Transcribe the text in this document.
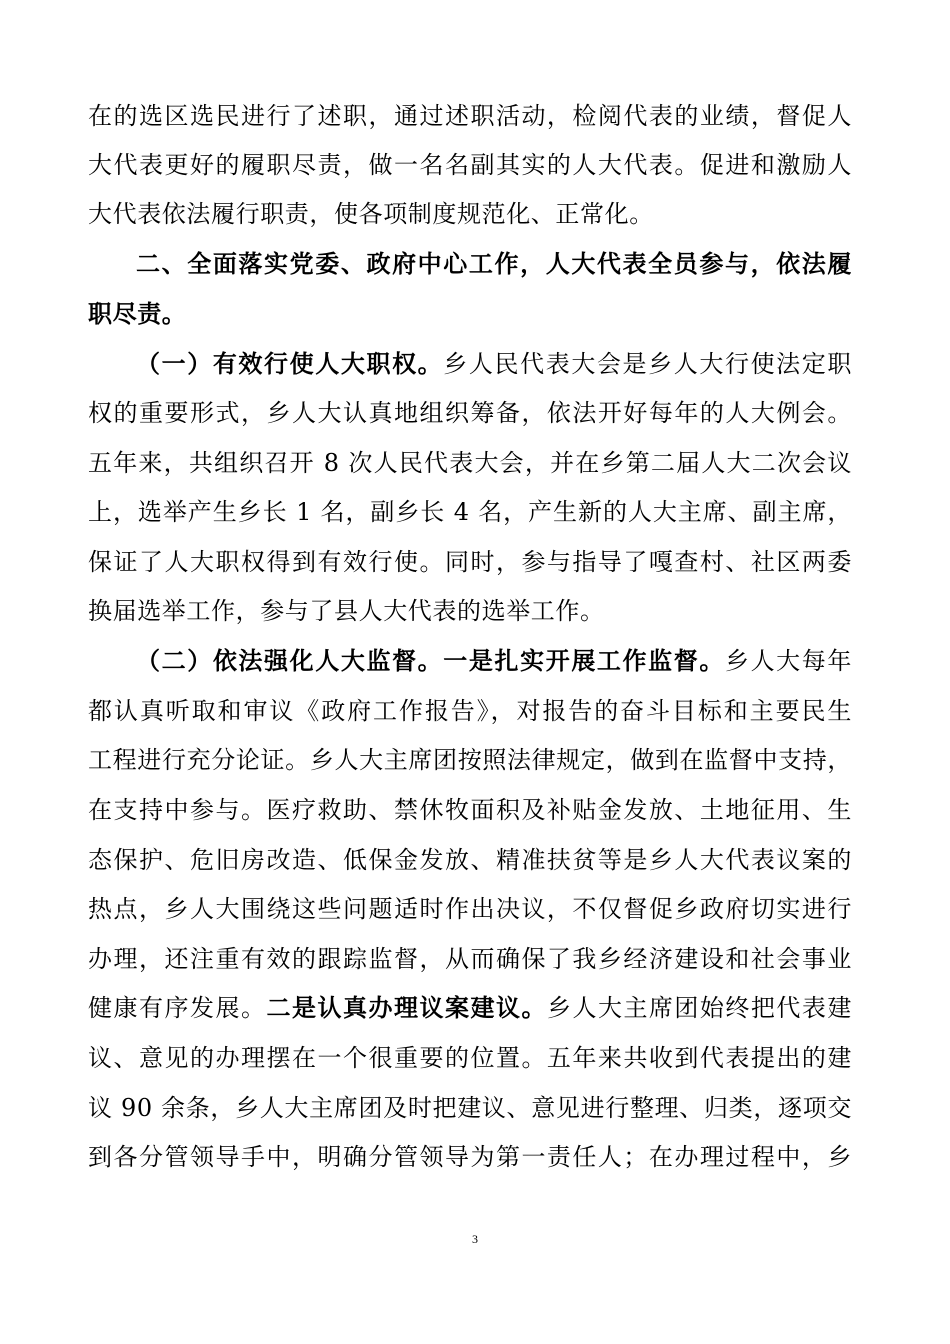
在的选区选民进行了述职，通过述职活动，检阅代表的业绩，督促人
大代表更好的履职尽责，做一名名副其实的人大代表。促进和激励人
大代表依法履行职责，使各项制度规范化、正常化。
二、全面落实党委、政府中心工作，人大代表全员参与，依法履
职尽责。
（一）有效行使人大职权。乡人民代表大会是乡人大行使法定职
权的重要形式，乡人大认真地组织筹备，依法开好每年的人大例会。
五年来，共组织召开 8 次人民代表大会，并在乡第二届人大二次会议
上，选举产生乡长 1 名，副乡长 4 名，产生新的人大主席、副主席，
保证了人大职权得到有效行使。同时，参与指导了嘎查村、社区两委
换届选举工作，参与了县人大代表的选举工作。
（二）依法强化人大监督。一是扎实开展工作监督。乡人大每年
都认真听取和审议《政府工作报告》，对报告的奋斗目标和主要民生
工程进行充分论证。乡人大主席团按照法律规定，做到在监督中支持，
在支持中参与。医疗救助、禁休牧面积及补贴金发放、土地征用、生
态保护、危旧房改造、低保金发放、精准扶贫等是乡人大代表议案的
热点，乡人大围绕这些问题适时作出决议，不仅督促乡政府切实进行
办理，还注重有效的跟踪监督，从而确保了我乡经济建设和社会事业
健康有序发展。二是认真办理议案建议。乡人大主席团始终把代表建
议、意见的办理摆在一个很重要的位置。五年来共收到代表提出的建
议 90 余条，乡人大主席团及时把建议、意见进行整理、归类，逐项交
到各分管领导手中，明确分管领导为第一责任人；在办理过程中，乡
3
